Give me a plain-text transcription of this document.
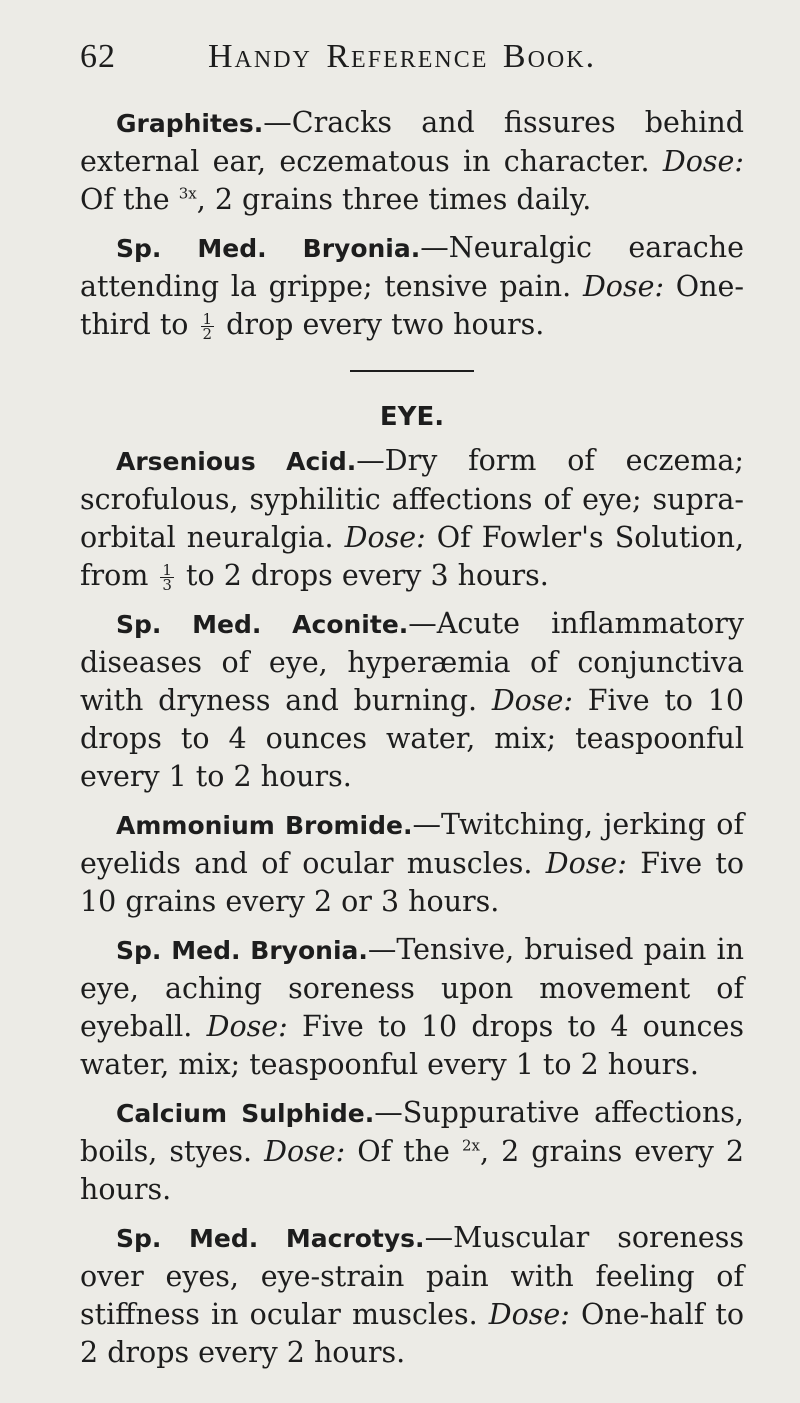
62	Handy Reference Book.

Graphites.—Cracks and fissures behind external ear, eczematous in character. Dose: Of the $^{3x}$, 2 grains three times daily.

Sp. Med. Bryonia.—Neuralgic earache attending la grippe; tensive pain. Dose: One-third to $\frac{1}{2}$ drop every two hours.

EYE.

Arsenious Acid.—Dry form of eczema; scrofulous, syphilitic affections of eye; supra-orbital neuralgia. Dose: Of Fowler's Solution, from $\frac{1}{3}$ to 2 drops every 3 hours.

Sp. Med. Aconite.—Acute inflammatory diseases of eye, hyperæmia of conjunctiva with dryness and burning. Dose: Five to 10 drops to 4 ounces water, mix; teaspoonful every 1 to 2 hours.

Ammonium Bromide.—Twitching, jerking of eyelids and of ocular muscles. Dose: Five to 10 grains every 2 or 3 hours.

Sp. Med. Bryonia.—Tensive, bruised pain in eye, aching soreness upon movement of eyeball. Dose: Five to 10 drops to 4 ounces water, mix; teaspoonful every 1 to 2 hours.

Calcium Sulphide.—Suppurative affections, boils, styes. Dose: Of the $^{2x}$, 2 grains every 2 hours.

Sp. Med. Macrotys.—Muscular soreness over eyes, eye-strain pain with feeling of stiffness in ocular muscles. Dose: One-half to 2 drops every 2 hours.
